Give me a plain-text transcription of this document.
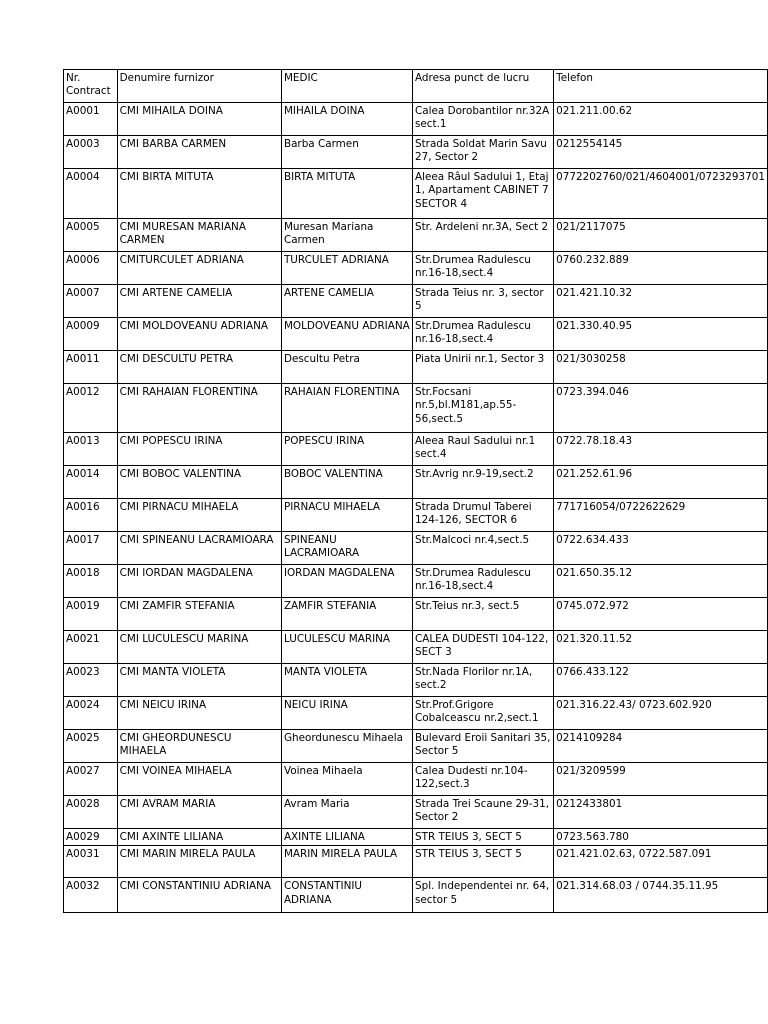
Nr. Contract	Denumire furnizor	MEDIC	Adresa punct de lucru	Telefon
A0001	CMI MIHAILA DOINA	MIHAILA DOINA	Calea Dorobantilor nr.32A sect.1	021.211.00.62
A0003	CMI BARBA CARMEN	Barba Carmen	Strada Soldat Marin Savu 27, Sector 2	0212554145
A0004	CMI BIRTA MITUTA	BIRTA MITUTA	Aleea Râul Sadului 1, Etaj 1, Apartament CABINET 7 SECTOR 4	0772202760/021/4604001/0723293701
A0005	CMI MURESAN MARIANA CARMEN	Muresan Mariana Carmen	Str. Ardeleni nr.3A, Sect 2	021/2117075
A0006	CMITURCULET ADRIANA	TURCULET ADRIANA	Str.Drumea Radulescu nr.16-18,sect.4	0760.232.889
A0007	CMI ARTENE CAMELIA	ARTENE CAMELIA	Strada Teius nr. 3, sector 5	021.421.10.32
A0009	CMI MOLDOVEANU ADRIANA	MOLDOVEANU ADRIANA	Str.Drumea Radulescu nr.16-18,sect.4	021.330.40.95
A0011	CMI DESCULTU PETRA	Descultu Petra	Piata Unirii nr.1, Sector 3	021/3030258
A0012	CMI RAHAIAN FLORENTINA	RAHAIAN FLORENTINA	Str.Focsani nr.5,bl.M181,ap.55-56,sect.5	0723.394.046
A0013	CMI POPESCU IRINA	POPESCU IRINA	Aleea Raul Sadului nr.1 sect.4	0722.78.18.43
A0014	CMI BOBOC VALENTINA	BOBOC VALENTINA	Str.Avrig nr.9-19,sect.2	021.252.61.96
A0016	CMI PIRNACU MIHAELA	PIRNACU MIHAELA	Strada Drumul Taberei 124-126, SECTOR 6	771716054/0722622629
A0017	CMI SPINEANU LACRAMIOARA	SPINEANU LACRAMIOARA	Str.Malcoci nr.4,sect.5	0722.634.433
A0018	CMI IORDAN MAGDALENA	IORDAN MAGDALENA	Str.Drumea Radulescu nr.16-18,sect.4	021.650.35.12
A0019	CMI ZAMFIR STEFANIA	ZAMFIR STEFANIA	Str.Teius nr.3, sect.5	0745.072.972
A0021	CMI LUCULESCU MARINA	LUCULESCU MARINA	CALEA DUDESTI 104-122, SECT 3	021.320.11.52
A0023	CMI MANTA VIOLETA	MANTA VIOLETA	Str.Nada Florilor nr.1A, sect.2	0766.433.122
A0024	CMI NEICU IRINA	NEICU IRINA	Str.Prof.Grigore Cobalceascu nr.2,sect.1	021.316.22.43/ 0723.602.920
A0025	CMI GHEORDUNESCU MIHAELA	Gheordunescu Mihaela	Bulevard Eroii Sanitari 35, Sector 5	0214109284
A0027	CMI VOINEA MIHAELA	Voinea Mihaela	Calea Dudesti nr.104-122,sect.3	021/3209599
A0028	CMI AVRAM MARIA	Avram Maria	Strada Trei Scaune 29-31, Sector 2	0212433801
A0029	CMI AXINTE LILIANA	AXINTE LILIANA	STR TEIUS 3, SECT 5	0723.563.780
A0031	CMI MARIN MIRELA PAULA	MARIN MIRELA PAULA	STR TEIUS 3, SECT 5	021.421.02.63, 0722.587.091
A0032	CMI CONSTANTINIU ADRIANA	CONSTANTINIU ADRIANA	Spl. Independentei nr. 64, sector 5	021.314.68.03 / 0744.35.11.95
